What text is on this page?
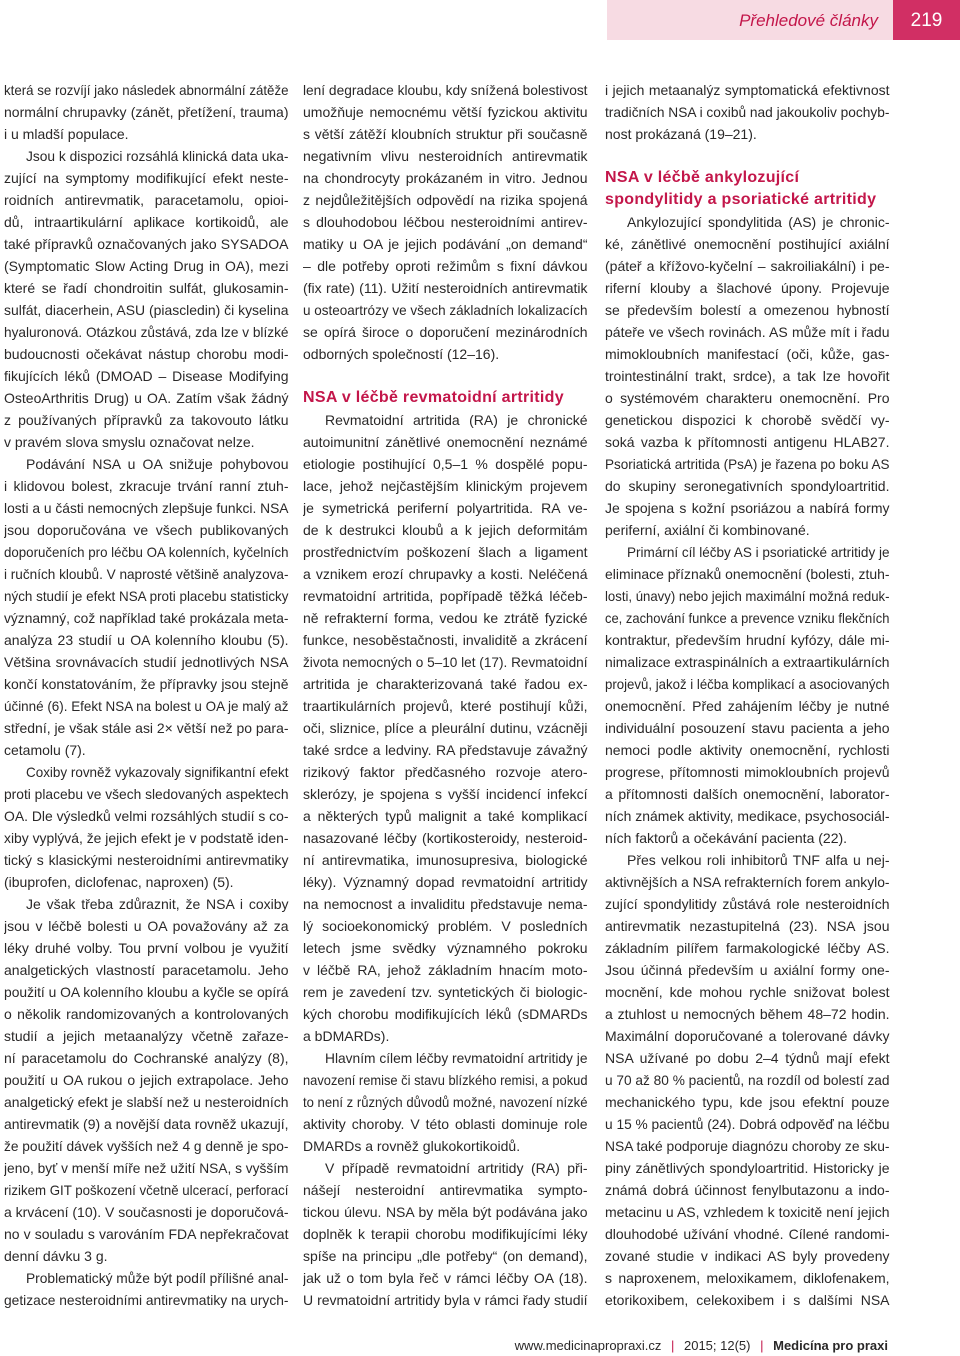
Přehledové články	219
která se rozvíjí jako následek abnormální zátěže
normální chrupavky (zánět, přetížení, trauma)
i u mladší populace.
Jsou k dispozici rozsáhlá klinická data uka-
zující na symptomy modifikující efekt neste-
roidních antirevmatik, paracetamolu, opioi-
dů, intraartikulární aplikace kortikoidů, ale
také přípravků označovaných jako SYSADOA
(Symptomatic Slow Acting Drug in OA), mezi
které se řadí chondroitin sulfát, glukosamin-
sulfát, diacerhein, ASU (piascledin) či kyselina
hyaluronová. Otázkou zůstává, zda lze v blízké
budoucnosti očekávat nástup chorobu modi-
fikujících léků (DMOAD – Disease Modifying
OsteoArthritis Drug) u OA. Zatím však žádný
z používaných přípravků za takovouto látku
v pravém slova smyslu označovat nelze.
Podávání NSA u OA snižuje pohybovou
i klidovou bolest, zkracuje trvání ranní ztuh-
losti a u části nemocných zlepšuje funkci. NSA
jsou doporučována ve všech publikovaných
doporučeních pro léčbu OA kolenních, kyčelních
i ručních kloubů. V naprosté většině analyzova-
ných studií je efekt NSA proti placebu statisticky
významný, což například také prokázala meta-
analýza 23 studií u OA kolenního kloubu (5).
Většina srovnávacích studií jednotlivých NSA
končí konstatováním, že přípravky jsou stejně
účinné (6). Efekt NSA na bolest u OA je malý až
střední, je však stále asi 2× větší než po para-
cetamolu (7).
Coxiby rovněž vykazovaly signifikantní efekt
proti placebu ve všech sledovaných aspektech
OA. Dle výsledků velmi rozsáhlých studií s co-
xiby vyplývá, že jejich efekt je v podstatě iden-
tický s klasickými nesteroidními antirevmatiky
(ibuprofen, diclofenac, naproxen) (5).
Je však třeba zdůraznit, že NSA i coxiby
jsou v léčbě bolesti u OA považovány až za
léky druhé volby. Tou první volbou je využití
analgetických vlastností paracetamolu. Jeho
použití u OA kolenního kloubu a kyčle se opírá
o několik randomizovaných a kontrolovaných
studií a jejich metaanalýzy včetně zařaze-
ní paracetamolu do Cochranské analýzy (8),
použití u OA rukou o jejich extrapolace. Jeho
analgetický efekt je slabší než u nesteroidních
antirevmatik (9) a novější data rovněž ukazují,
že použití dávek vyšších než 4 g denně je spo-
jeno, byť v menší míře než užití NSA, s vyšším
rizikem GIT poškození včetně ulcerací, perforací
a krvácení (10). V současnosti je doporučová-
no v souladu s varováním FDA nepřekračovat
denní dávku 3 g.
Problematický může být podíl přílišné anal-
getizace nesteroidními antirevmatiky na urych-
lení degradace kloubu, kdy snížená bolestivost
umožňuje nemocnému větší fyzickou aktivitu
s větší zátěží kloubních struktur při současně
negativním vlivu nesteroidních antirevmatik
na chondrocyty prokázaném in vitro. Jednou
z nejdůležitějších odpovědí na rizika spojená
s dlouhodobou léčbou nesteroidními antirev-
matiky u OA je jejich podávání „on demand“
– dle potřeby oproti režimům s fixní dávkou
(fix rate) (11). Užití nesteroidních antirevmatik
u osteoartrózy ve všech základních lokalizacích
se opírá široce o doporučení mezinárodních
odborných společností (12–16).
NSA v léčbě revmatoidní artritidy
Revmatoidní artritida (RA) je chronické
autoimunitní zánětlivé onemocnění neznámé
etiologie postihující 0,5–1 % dospělé popu-
lace, jehož nejčastějším klinickým projevem
je symetrická periferní polyartritida. RA ve-
de k destrukci kloubů a k jejich deformitám
prostřednictvím poškození šlach a ligament
a vznikem erozí chrupavky a kosti. Neléčená
revmatoidní artritida, popřípadě těžká léčeb-
ně refrakterní forma, vedou ke ztrátě fyzické
funkce, nesoběstačnosti, invaliditě a zkrácení
života nemocných o 5–10 let (17). Revmatoidní
artritida je charakterizovaná také řadou ex-
traartikulárních projevů, které postihují kůži,
oči, sliznice, plíce a pleurální dutinu, vzácněji
také srdce a ledviny. RA představuje závažný
rizikový faktor předčasného rozvoje atero-
sklerózy, je spojena s vyšší incidencí infekcí
a některých typů malignit a také komplikací
nasazované léčby (kortikosteroidy, nesteroid-
ní antirevmatika, imunosupresiva, biologické
léky). Významný dopad revmatoidní artritidy
na nemocnost a invaliditu představuje nema-
lý socioekonomický problém. V posledních
letech jsme svědky významného pokroku
v léčbě RA, jehož základním hnacím moto-
rem je zavedení tzv. syntetických či biologic-
kých chorobu modifikujících léků (sDMARDs
a bDMARDs).
Hlavním cílem léčby revmatoidní artritidy je
navození remise či stavu blízkého remisi, a pokud
to není z různých důvodů možné, navození nízké
aktivity choroby. V této oblasti dominuje role
DMARDs a rovněž glukokortikoidů.
V případě revmatoidní artritidy (RA) při-
nášejí nesteroidní antirevmatika sympto-
tickou úlevu. NSA by měla být podávána jako
doplněk k terapii chorobu modifikujícími léky
spíše na principu „dle potřeby“ (on demand),
jak už o tom byla řeč v rámci léčby OA (18).
U revmatoidní artritidy byla v rámci řady studií
i jejich metaanalýz symptomatická efektivnost
tradičních NSA i coxibů nad jakoukoliv pochyb-
nost prokázaná (19–21).
NSA v léčbě ankylozující
spondylitidy a psoriatické artritidy
Ankylozující spondylitida (AS) je chronic-
ké, zánětlivé onemocnění postihující axiální
(páteř a křížovo-kyčelní – sakroiliakální) i pe-
riferní klouby a šlachové úpony. Projevuje
se především bolestí a omezenou hybností
páteře ve všech rovinách. AS může mít i řadu
mimokloubních manifestací (oči, kůže, gas-
trointestinální trakt, srdce), a tak lze hovořit
o systémovém charakteru onemocnění. Pro
genetickou dispozici k chorobě svědčí vy-
soká vazba k přítomnosti antigenu HLAB27.
Psoriatická artritida (PsA) je řazena po boku AS
do skupiny seronegativních spondyloartritid.
Je spojena s kožní psoriázou a nabírá formy
periferní, axiální či kombinované.
Primární cíl léčby AS i psoriatické artritidy je
eliminace příznaků onemocnění (bolesti, ztuh-
losti, únavy) nebo jejich maximální možná reduk-
ce, zachování funkce a prevence vzniku flekčních
kontraktur, především hrudní kyfózy, dále mi-
nimalizace extraspinálních a extraartikulárních
projevů, jakož i léčba komplikací a asociovaných
onemocnění. Před zahájením léčby je nutné
individuální posouzení stavu pacienta a jeho
nemoci podle aktivity onemocnění, rychlosti
progrese, přítomnosti mimokloubních projevů
a přítomnosti dalších onemocnění, laborator-
ních známek aktivity, medikace, psychosociál-
ních faktorů a očekávání pacienta (22).
Přes velkou roli inhibitorů TNF alfa u nej-
aktivnějších a NSA refrakterních forem ankylo-
zující spondylitidy zůstává role nesteroidních
antirevmatik nezastupitelná (23). NSA jsou
základním pilířem farmakologické léčby AS.
Jsou účinná především u axiální formy one-
mocnění, kde mohou rychle snižovat bolest
a ztuhlost u nemocných během 48–72 hodin.
Maximální doporučované a tolerované dávky
NSA užívané po dobu 2–4 týdnů mají efekt
u 70 až 80 % pacientů, na rozdíl od bolestí zad
mechanického typu, kde jsou efektní pouze
u 15 % pacientů (24). Dobrá odpověď na léčbu
NSA také podporuje diagnózu choroby ze sku-
piny zánětlivých spondyloartritid. Historicky je
známá dobrá účinnost fenylbutazonu a indo-
metacinu u AS, vzhledem k toxicitě není jejich
dlouhodobé užívání vhodné. Cílené randomi-
zované studie v indikaci AS byly provedeny
s naproxenem, meloxikamem, diklofenakem,
etorikoxibem, celekoxibem i s dalšími NSA
www.medicinapropraxi.cz | 2015; 12(5) | Medicína pro praxi
